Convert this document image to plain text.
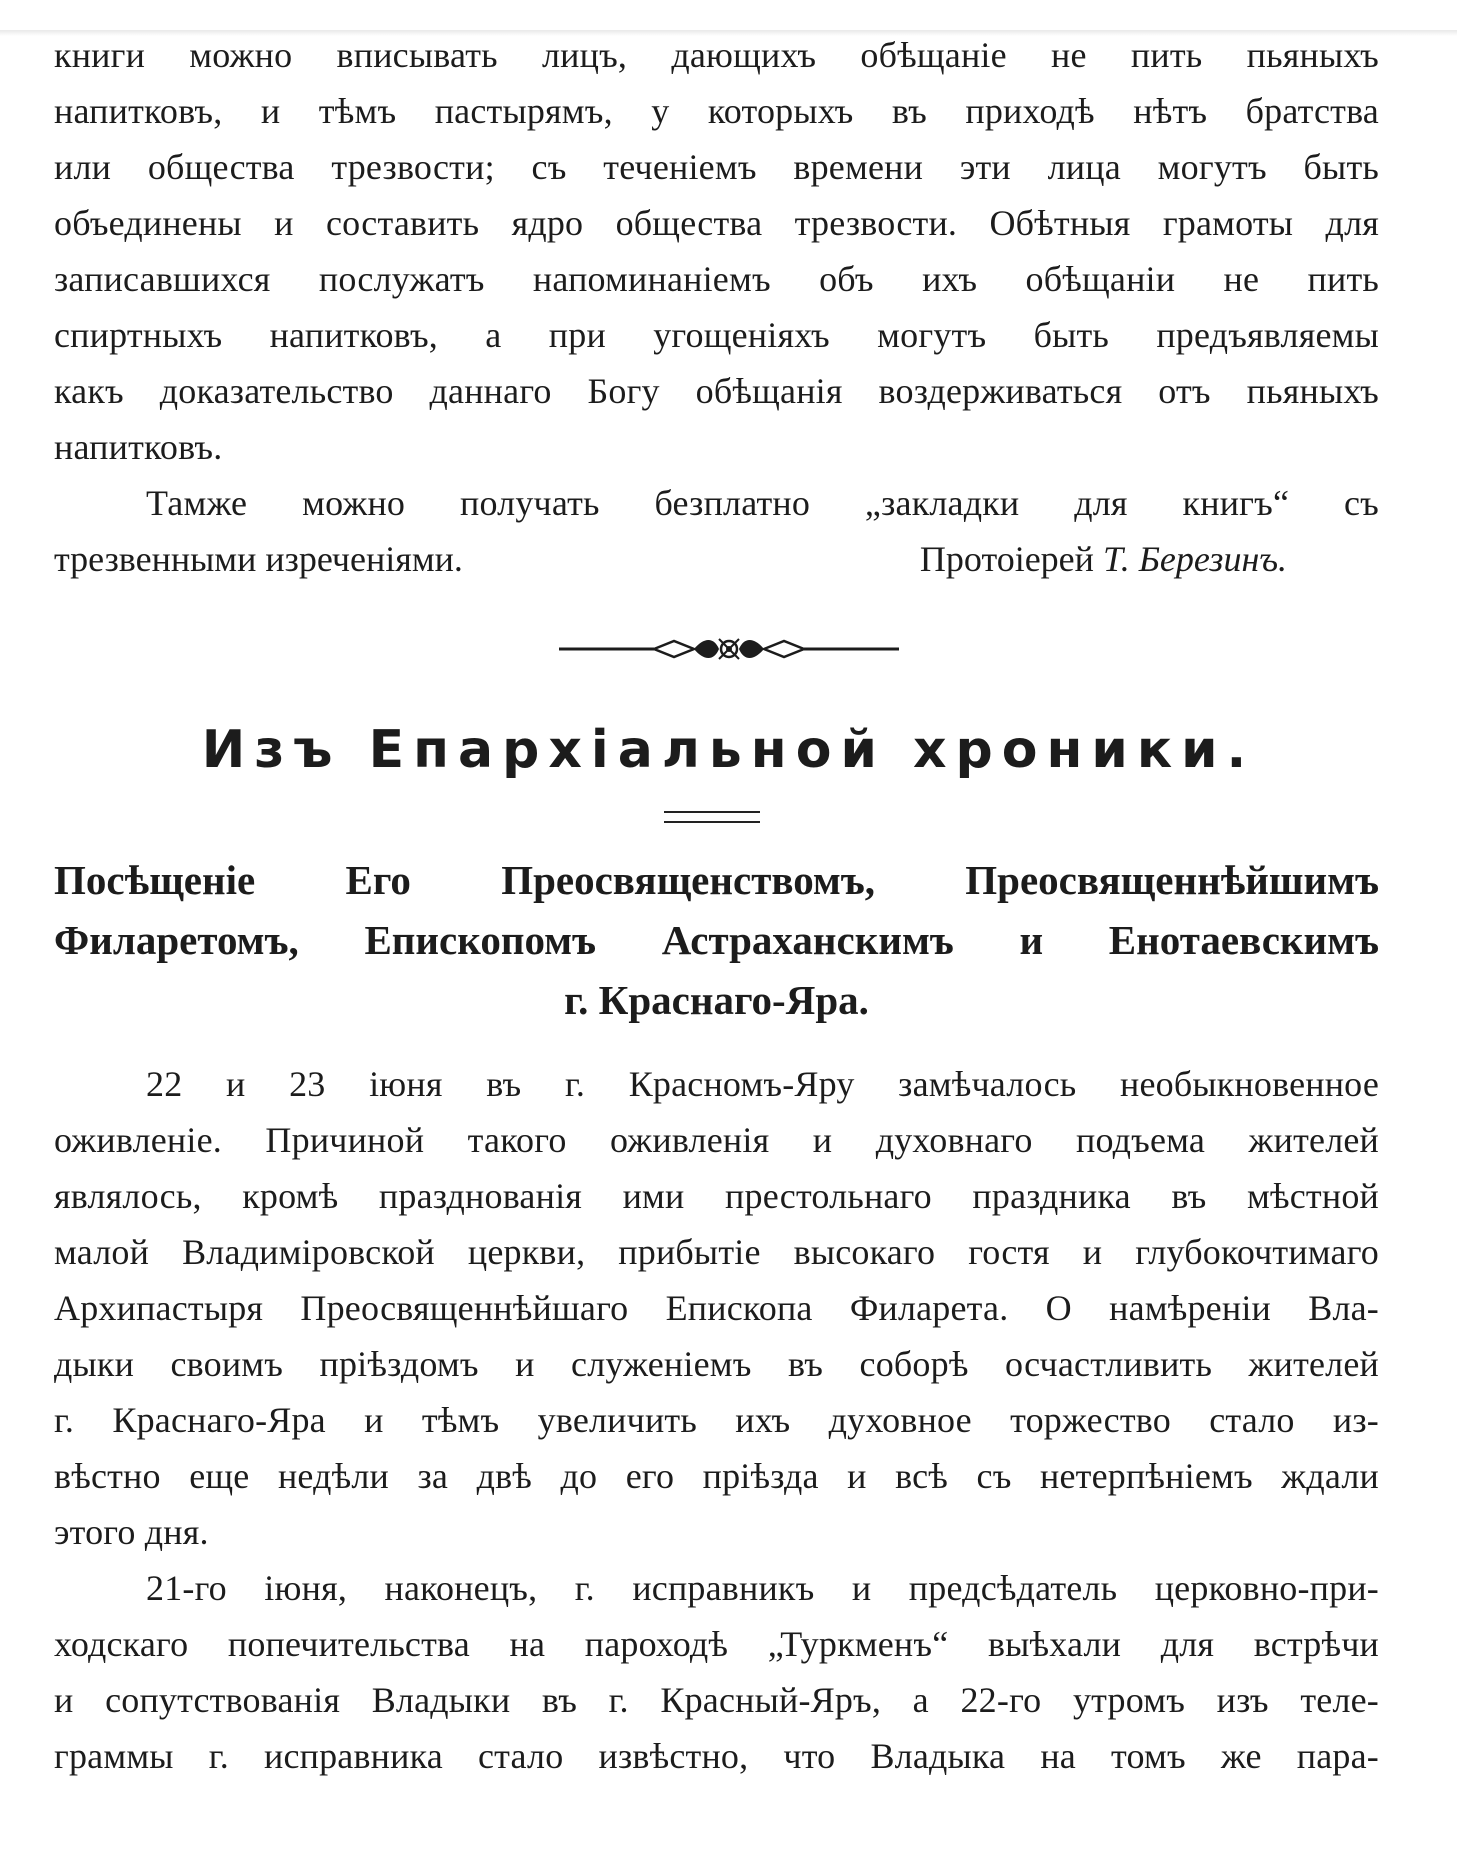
книги можно вписывать лицъ, дающихъ обѣщаніе не пить пьяныхъ
напитковъ, и тѣмъ пастырямъ, у которыхъ въ приходѣ нѣтъ братства
или общества трезвости; съ теченіемъ времени эти лица могутъ быть
объединены и составить ядро общества трезвости. Обѣтныя грамоты для
записавшихся послужатъ напоминаніемъ объ ихъ обѣщаніи не пить
спиртныхъ напитковъ, а при угощеніяхъ могутъ быть предъявляемы
какъ доказательство даннаго Богу обѣщанія воздерживаться отъ пьяныхъ
напитковъ.
Тамже можно получать безплатно „закладки для книгъ“ съ
трезвенными изреченіями.	Протоіерей Т. Березинъ.
Изъ Епархіальной хроники.
Посѣщеніе Его Преосвященствомъ, Преосвященнѣйшимъ
Филаретомъ, Епископомъ Астраханскимъ и Енотаевскимъ
г. Краснаго-Яра.
22 и 23 іюня въ г. Красномъ-Яру замѣчалось необыкновенное
оживленіе. Причиной такого оживленія и духовнаго подъема жителей
являлось, кромѣ празднованія ими престольнаго праздника въ мѣстной
малой Владиміровской церкви, прибытіе высокаго гостя и глубокочтимаго
Архипастыря Преосвященнѣйшаго Епископа Филарета. О намѣреніи Вла-
дыки своимъ пріѣздомъ и служеніемъ въ соборѣ осчастливить жителей
г. Краснаго-Яра и тѣмъ увеличить ихъ духовное торжество стало из-
вѣстно еще недѣли за двѣ до его пріѣзда и всѣ съ нетерпѣніемъ ждали
этого дня.
21-го іюня, наконецъ, г. исправникъ и предсѣдатель церковно-при-
ходскаго попечительства на пароходѣ „Туркменъ“ выѣхали для встрѣчи
и сопутствованія Владыки въ г. Красный-Яръ, а 22-го утромъ изъ теле-
граммы г. исправника стало извѣстно, что Владыка на томъ же пара-
